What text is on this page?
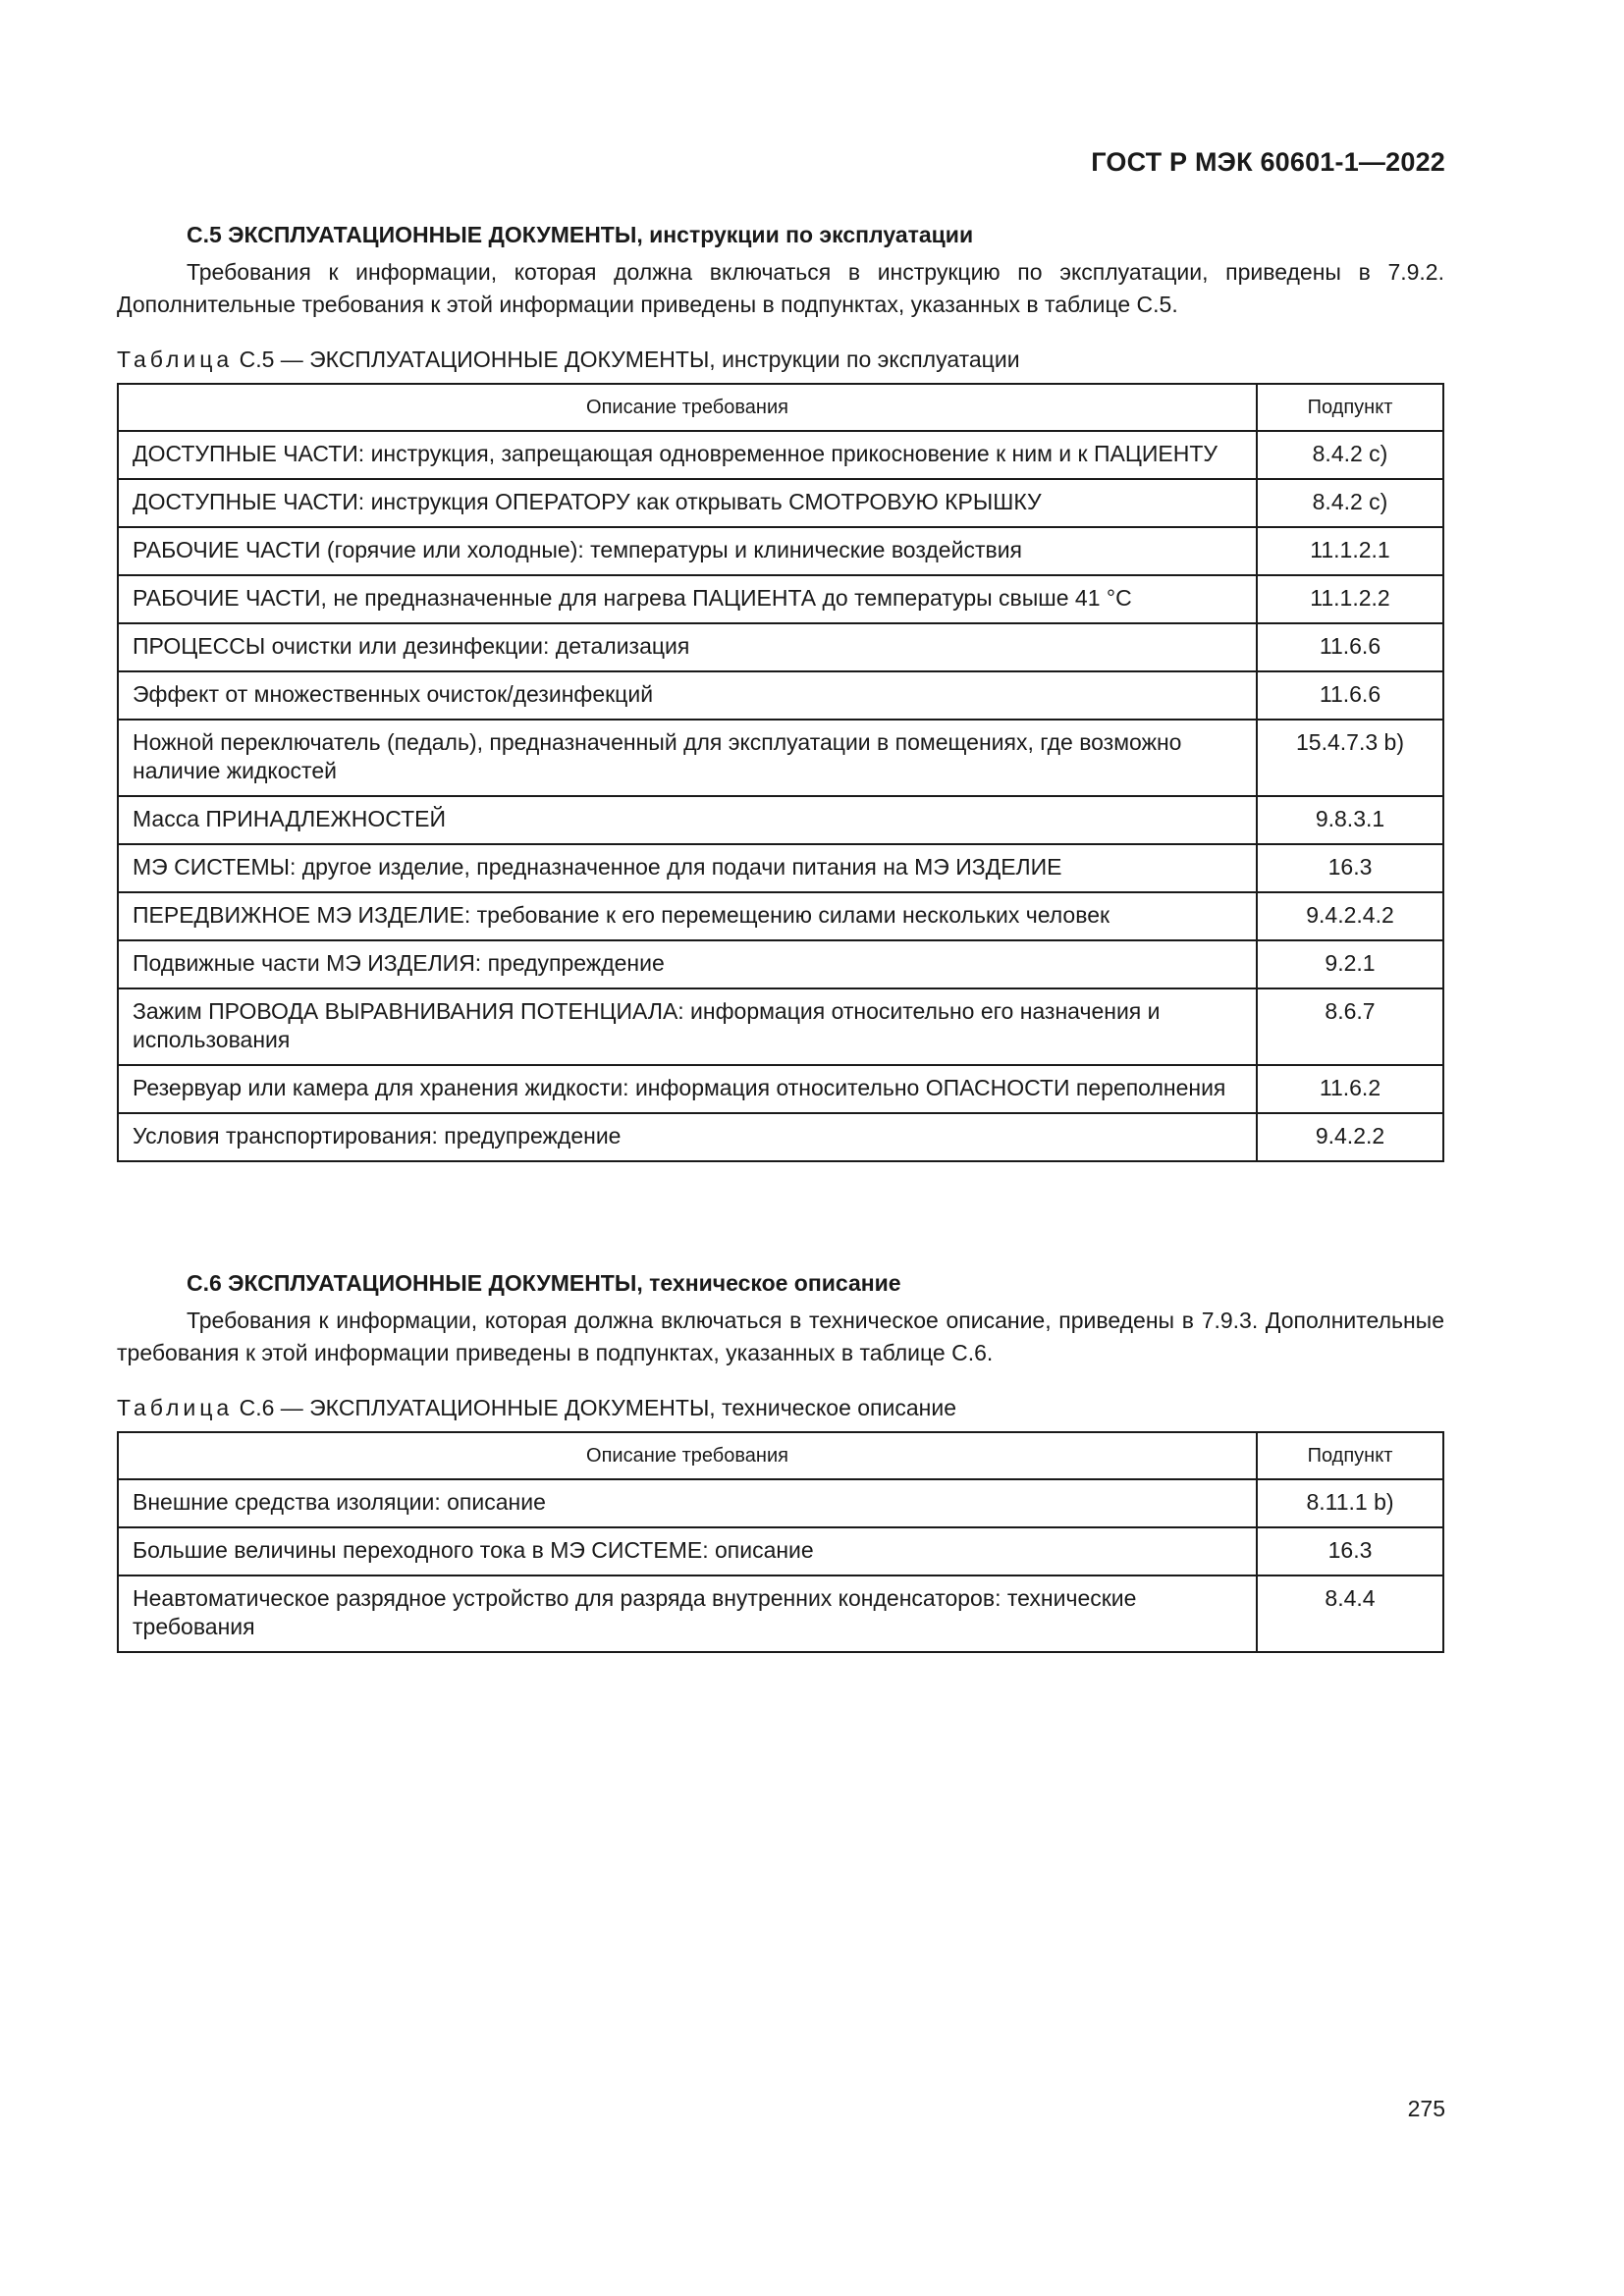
ГОСТ Р МЭК 60601-1—2022
С.5 ЭКСПЛУАТАЦИОННЫЕ ДОКУМЕНТЫ, инструкции по эксплуатации

Требования к информации, которая должна включаться в инструкцию по эксплуатации, приведены в 7.9.2. Дополнительные требования к этой информации приведены в подпунктах, указанных в таблице С.5.

Таблица С.5 — ЭКСПЛУАТАЦИОННЫЕ ДОКУМЕНТЫ, инструкции по эксплуатации
Описание требования	Подпункт
ДОСТУПНЫЕ ЧАСТИ: инструкция, запрещающая одновременное прикосновение к ним и к ПАЦИЕНТУ	8.4.2 c)
ДОСТУПНЫЕ ЧАСТИ: инструкция ОПЕРАТОРУ как открывать СМОТРОВУЮ КРЫШКУ	8.4.2 c)
РАБОЧИЕ ЧАСТИ (горячие или холодные): температуры и клинические воздействия	11.1.2.1
РАБОЧИЕ ЧАСТИ, не предназначенные для нагрева ПАЦИЕНТА до температуры свыше 41 °С	11.1.2.2
ПРОЦЕССЫ очистки или дезинфекции: детализация	11.6.6
Эффект от множественных очисток/дезинфекций	11.6.6
Ножной переключатель (педаль), предназначенный для эксплуатации в помещениях, где возможно наличие жидкостей	15.4.7.3 b)
Масса ПРИНАДЛЕЖНОСТЕЙ	9.8.3.1
МЭ СИСТЕМЫ: другое изделие, предназначенное для подачи питания на МЭ ИЗДЕЛИЕ	16.3
ПЕРЕДВИЖНОЕ МЭ ИЗДЕЛИЕ: требование к его перемещению силами нескольких человек	9.4.2.4.2
Подвижные части МЭ ИЗДЕЛИЯ: предупреждение	9.2.1
Зажим ПРОВОДА ВЫРАВНИВАНИЯ ПОТЕНЦИАЛА: информация относительно его назначения и использования	8.6.7
Резервуар или камера для хранения жидкости: информация относительно ОПАСНОСТИ переполнения	11.6.2
Условия транспортирования: предупреждение	9.4.2.2
С.6 ЭКСПЛУАТАЦИОННЫЕ ДОКУМЕНТЫ, техническое описание

Требования к информации, которая должна включаться в техническое описание, приведены в 7.9.3. Дополнительные требования к этой информации приведены в подпунктах, указанных в таблице С.6.

Таблица С.6 — ЭКСПЛУАТАЦИОННЫЕ ДОКУМЕНТЫ, техническое описание
Описание требования	Подпункт
Внешние средства изоляции: описание	8.11.1 b)
Большие величины переходного тока в МЭ СИСТЕМЕ: описание	16.3
Неавтоматическое разрядное устройство для разряда внутренних конденсаторов: технические требования	8.4.4
275
